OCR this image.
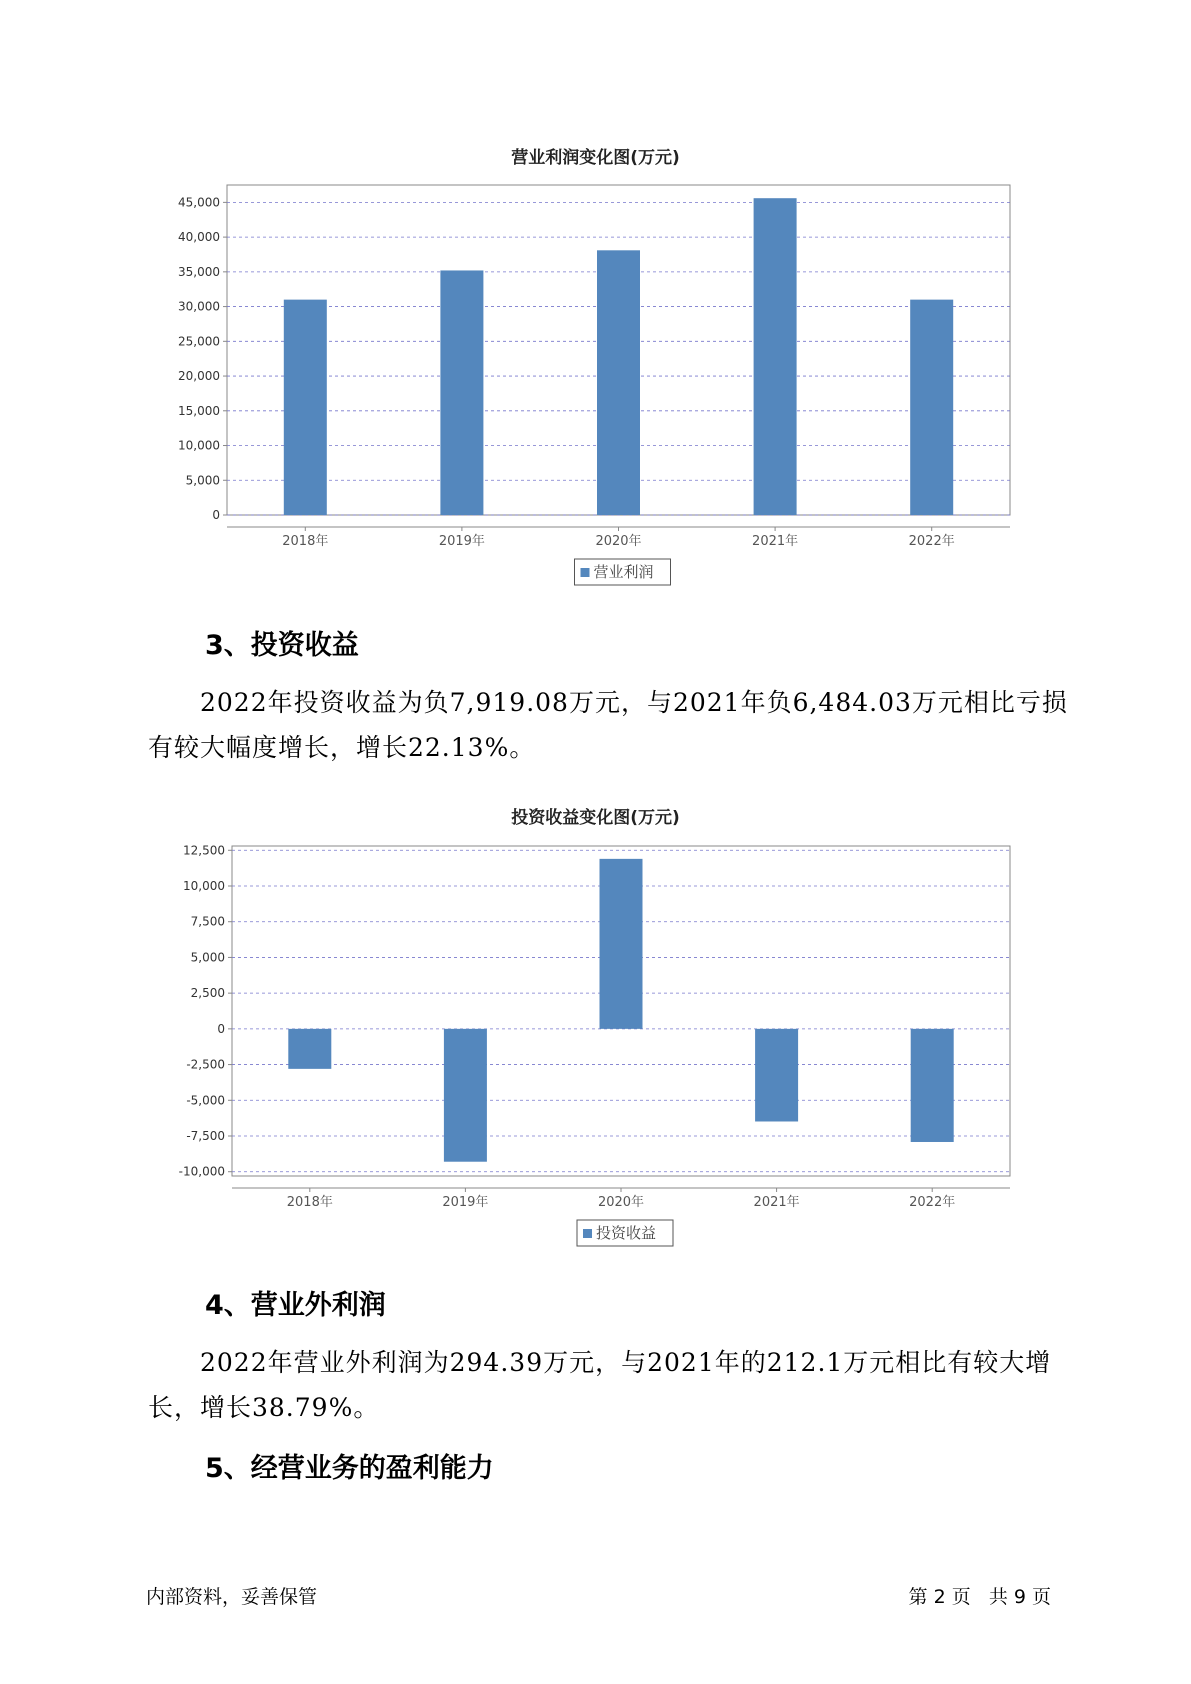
营业利润变化图(万元)
0
5,000
10,000
15,000
20,000
25,000
30,000
35,000
40,000
45,000
2018年	2019年	2020年	2021年	2022年
营业利润
3、投资收益
2022年投资收益为负7,919.08万元，与2021年负6,484.03万元相比亏损有较大幅度增长，增长22.13%。
投资收益变化图(万元)
-10,000
-7,500
-5,000
-2,500
0
2,500
5,000
7,500
10,000
12,500
2018年	2019年	2020年	2021年	2022年
投资收益
4、营业外利润
2022年营业外利润为294.39万元，与2021年的212.1万元相比有较大增长，增长38.79%。
5、经营业务的盈利能力
内部资料，妥善保管	第 2 页   共 9 页
